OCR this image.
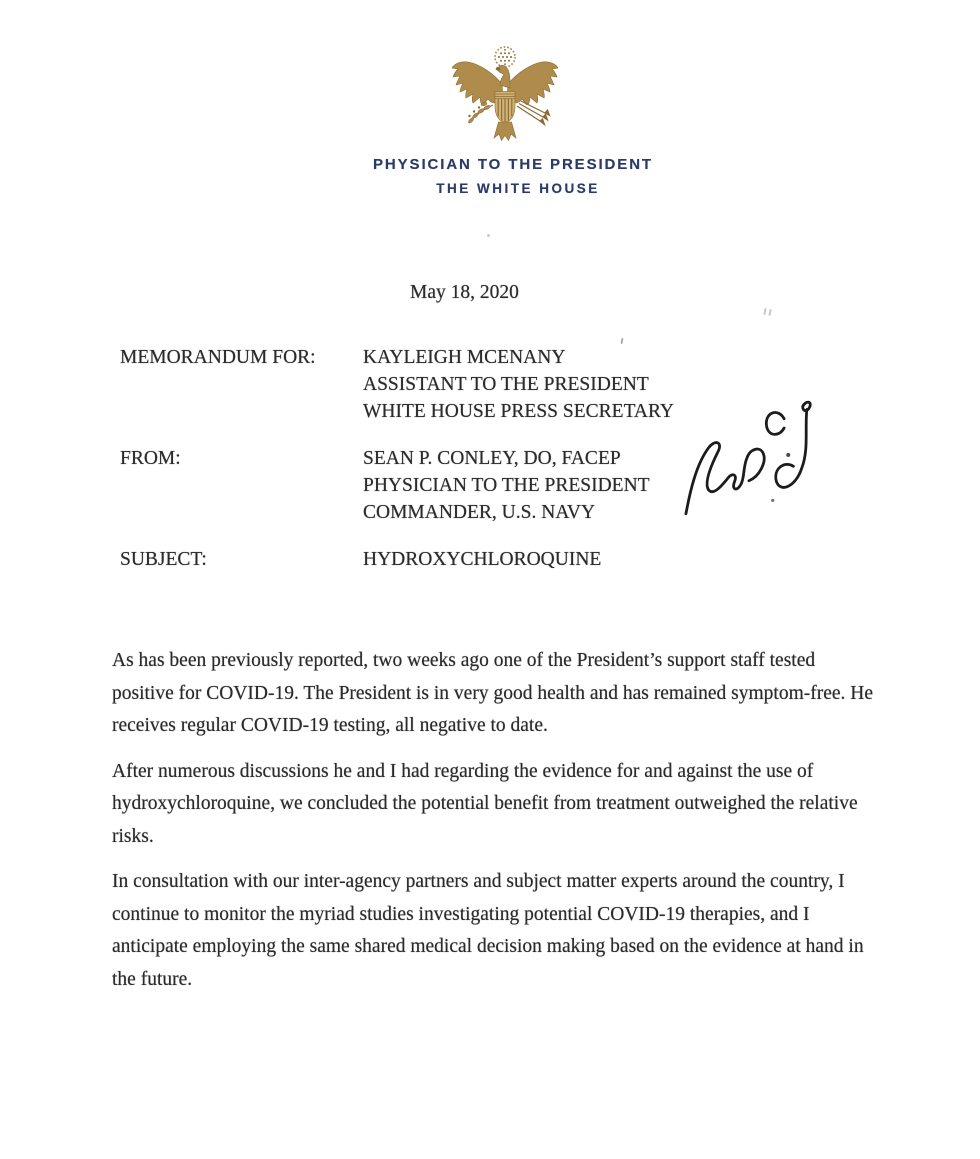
PHYSICIAN TO THE PRESIDENT
THE WHITE HOUSE
May 18, 2020
MEMORANDUM FOR:	KAYLEIGH MCENANY
ASSISTANT TO THE PRESIDENT
WHITE HOUSE PRESS SECRETARY
FROM:	SEAN P. CONLEY, DO, FACEP
PHYSICIAN TO THE PRESIDENT
COMMANDER, U.S. NAVY
SUBJECT:	HYDROXYCHLOROQUINE

As has been previously reported, two weeks ago one of the President’s support staff tested positive for COVID-19. The President is in very good health and has remained symptom-free. He receives regular COVID-19 testing, all negative to date.

After numerous discussions he and I had regarding the evidence for and against the use of hydroxychloroquine, we concluded the potential benefit from treatment outweighed the relative risks.

In consultation with our inter-agency partners and subject matter experts around the country, I continue to monitor the myriad studies investigating potential COVID-19 therapies, and I anticipate employing the same shared medical decision making based on the evidence at hand in the future.
